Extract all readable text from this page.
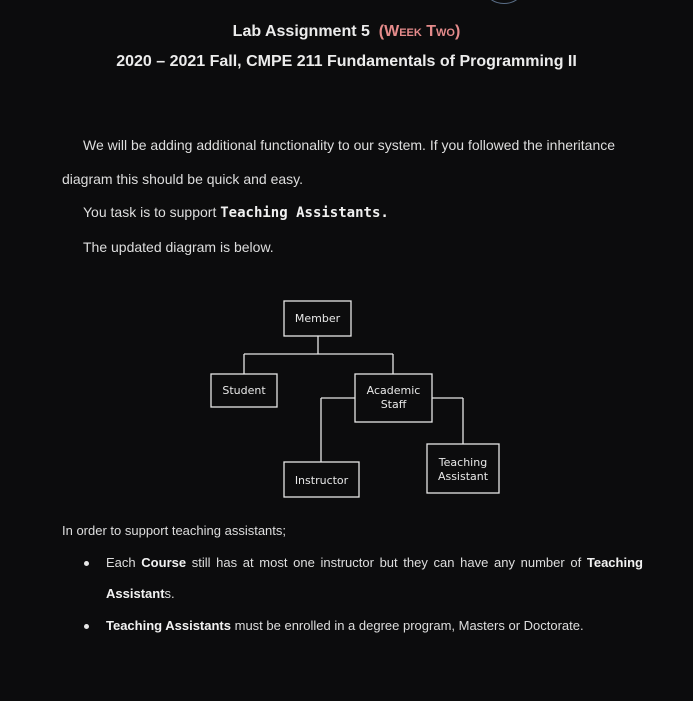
Lab Assignment 5 (Week Two)
2020 – 2021 Fall, CMPE 211 Fundamentals of Programming II
We will be adding additional functionality to our system. If you followed the inheritance
diagram this should be quick and easy.
You task is to support Teaching Assistants.
The updated diagram is below.
Member
Student	Academic
Staff
Instructor
Teaching
Assistant
In order to support teaching assistants;
Each Course still has at most one instructor but they can have any number of Teaching Assistants.
Teaching Assistants must be enrolled in a degree program, Masters or Doctorate.
